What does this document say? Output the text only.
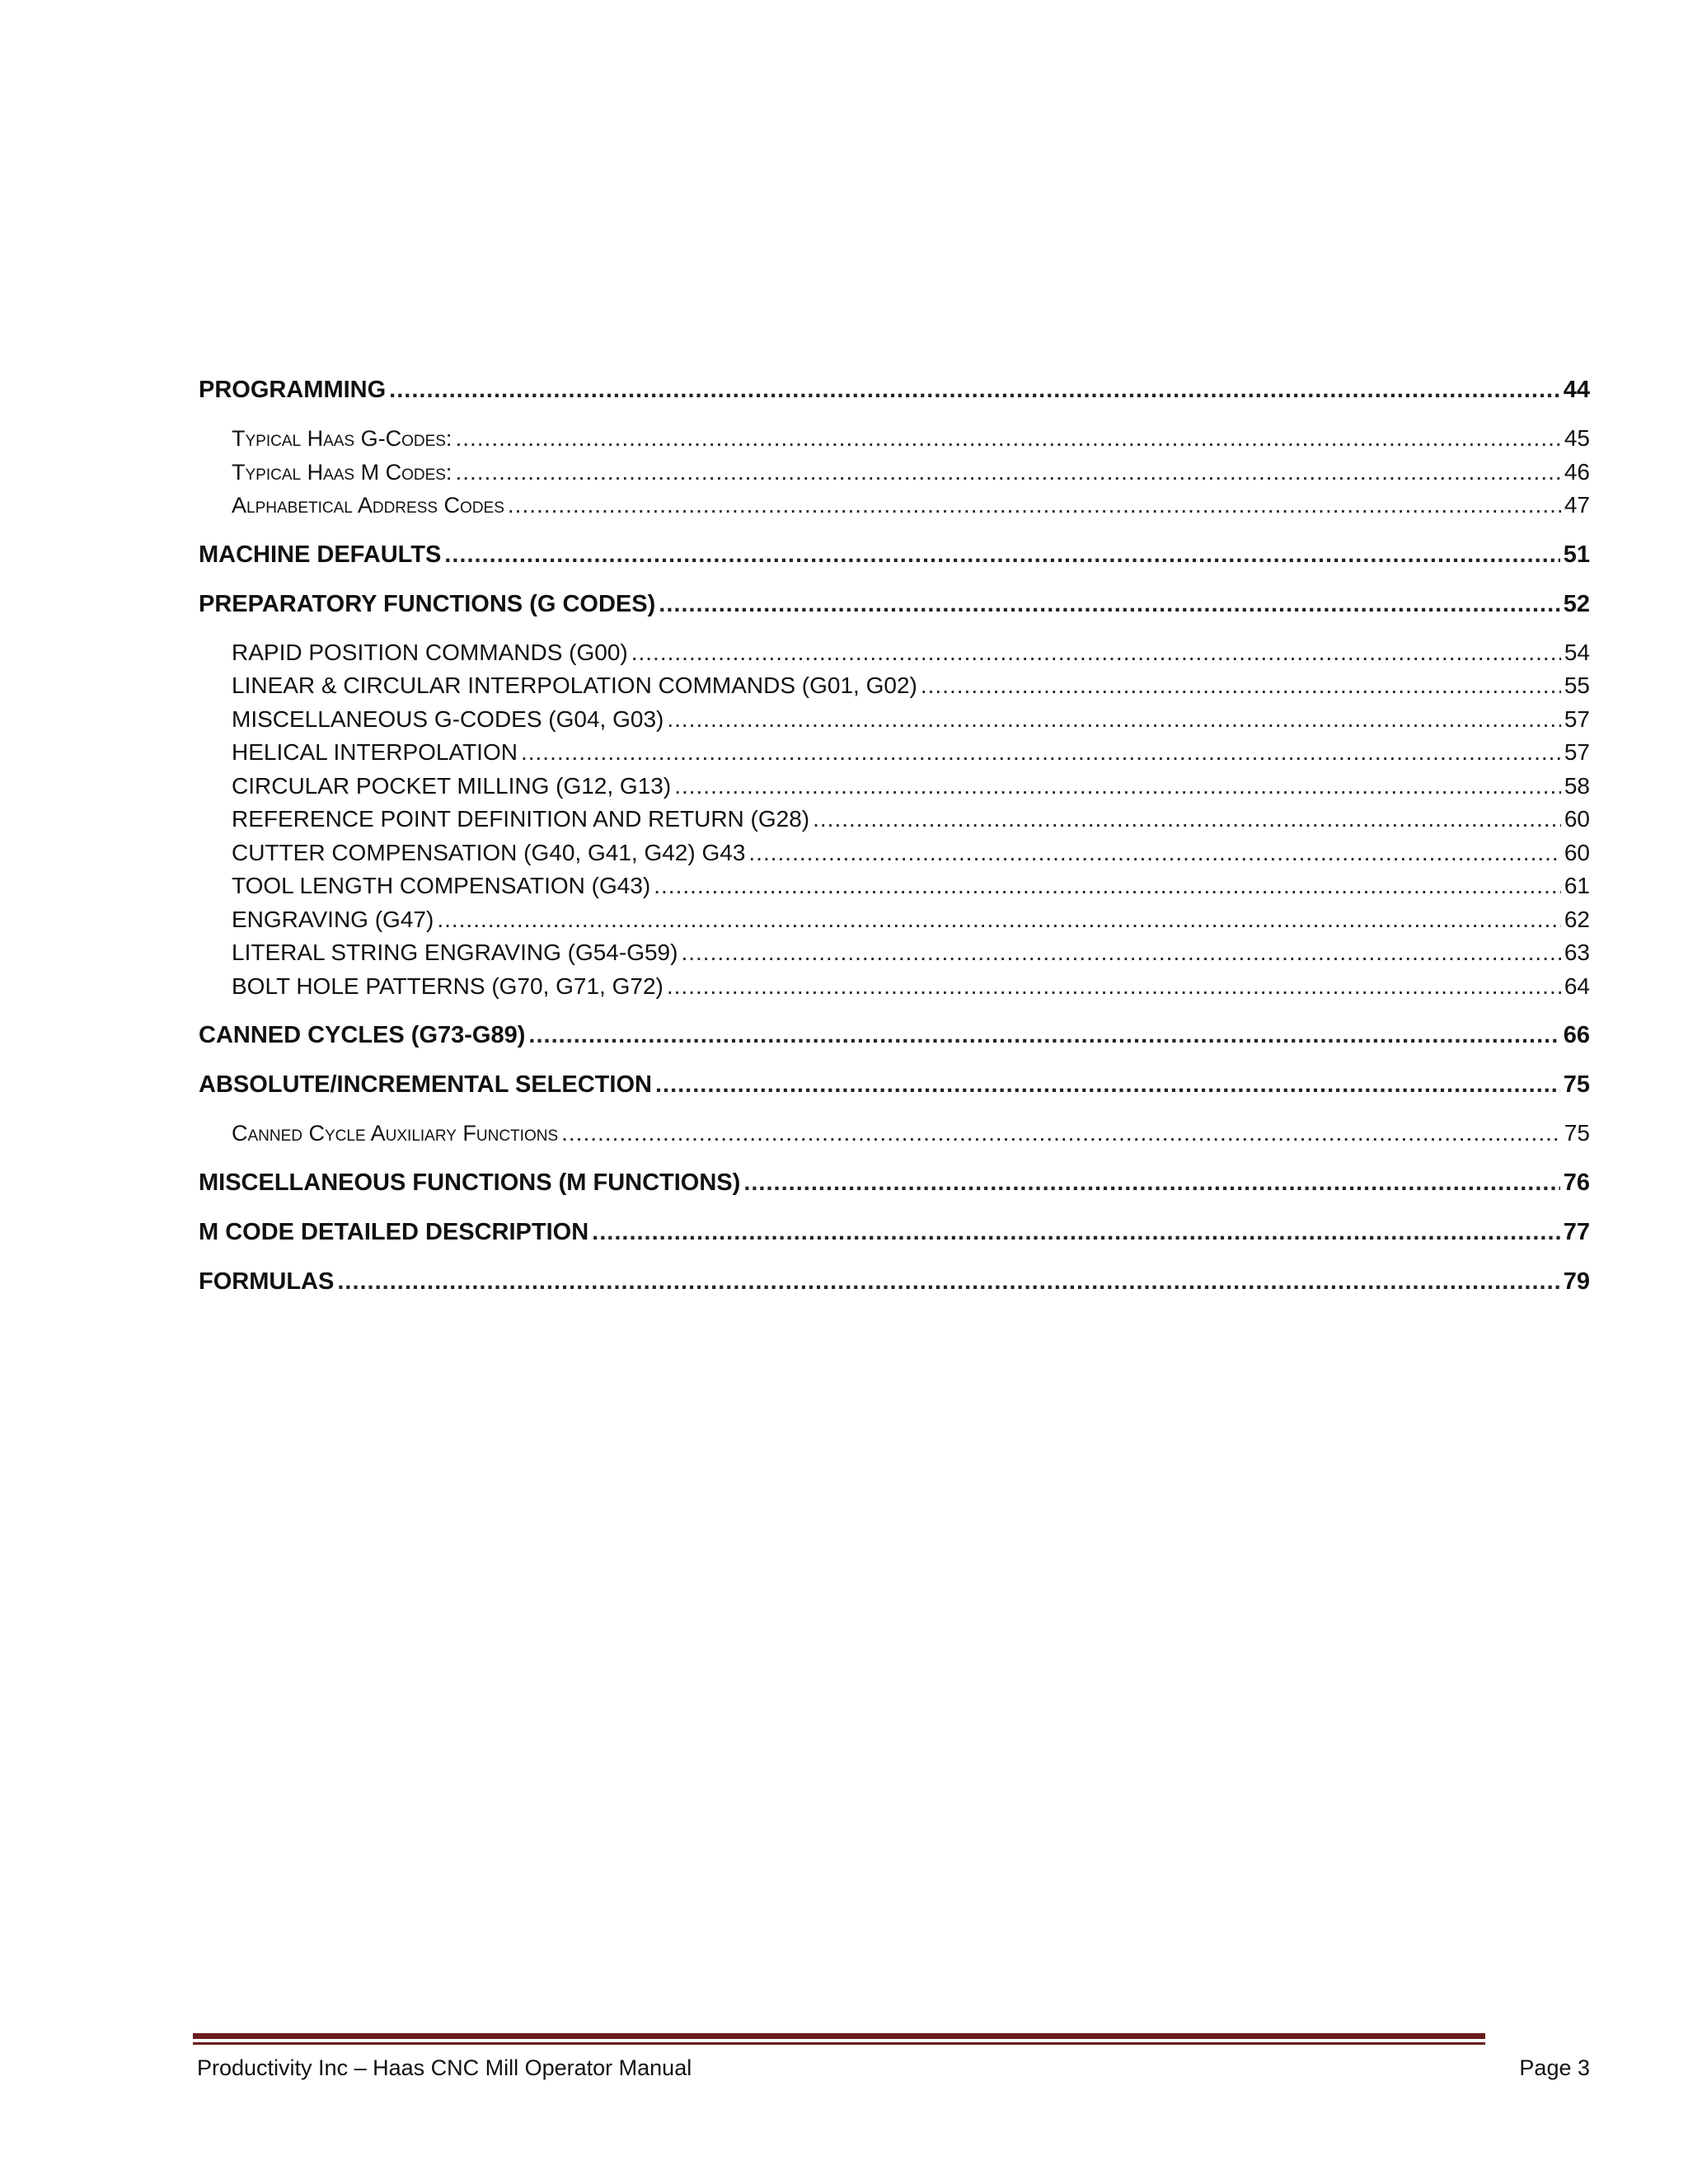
PROGRAMMING .....	44
Typical Haas G-Codes: .....	45
Typical Haas M Codes: .....	46
Alphabetical Address Codes .....	47
MACHINE DEFAULTS .....	51
PREPARATORY FUNCTIONS (G CODES) .....	52
RAPID POSITION COMMANDS (G00) .....	54
LINEAR & CIRCULAR INTERPOLATION COMMANDS (G01, G02) .....	55
MISCELLANEOUS G-CODES (G04, G03) .....	57
HELICAL INTERPOLATION .....	57
CIRCULAR POCKET MILLING (G12, G13) .....	58
REFERENCE POINT DEFINITION AND RETURN (G28) .....	60
CUTTER COMPENSATION (G40, G41, G42) G43 .....	60
TOOL LENGTH COMPENSATION (G43) .....	61
ENGRAVING (G47) .....	62
LITERAL STRING ENGRAVING (G54-G59) .....	63
BOLT HOLE PATTERNS (G70, G71, G72) .....	64
CANNED CYCLES (G73-G89) .....	66
ABSOLUTE/INCREMENTAL SELECTION .....	75
Canned Cycle Auxiliary Functions .....	75
MISCELLANEOUS FUNCTIONS (M FUNCTIONS) .....	76
M CODE DETAILED DESCRIPTION .....	77
FORMULAS .....	79
Productivity Inc – Haas CNC Mill Operator Manual	Page 3
